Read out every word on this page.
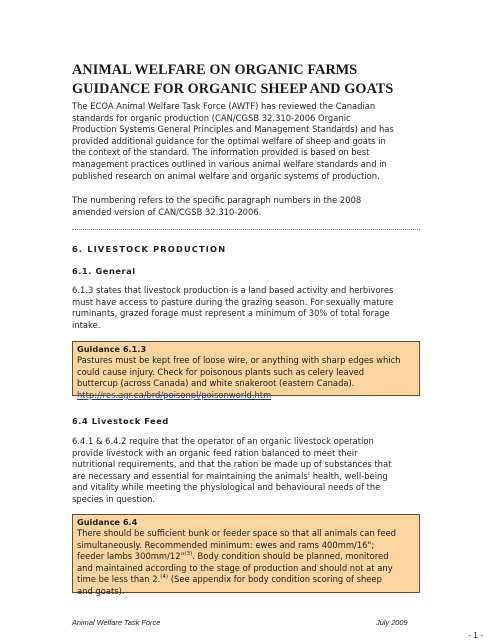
ANIMAL WELFARE ON ORGANIC FARMS
GUIDANCE FOR ORGANIC SHEEP AND GOATS
The ECOA Animal Welfare Task Force (AWTF) has reviewed the Canadian
standards for organic production (CAN/CGSB 32.310-2006 Organic
Production Systems General Principles and Management Standards) and has
provided additional guidance for the optimal welfare of sheep and goats in
the context of the standard. The information provided is based on best
management practices outlined in various animal welfare standards and in
published research on animal welfare and organic systems of production.
The numbering refers to the specific paragraph numbers in the 2008
amended version of CAN/CGSB 32.310-2006.
6. LIVESTOCK PRODUCTION
6.1. General
6.1.3 states that livestock production is a land based activity and herbivores
must have access to pasture during the grazing season. For sexually mature
ruminants, grazed forage must represent a minimum of 30% of total forage
intake.
Guidance 6.1.3
Pastures must be kept free of loose wire, or anything with sharp edges which
could cause injury. Check for poisonous plants such as celery leaved
buttercup (across Canada) and white snakeroot (eastern Canada).
http://res.agr.ca/brd/poisonpl/poisonworld.htm
6.4 Livestock Feed
6.4.1 & 6.4.2 require that the operator of an organic livestock operation
provide livestock with an organic feed ration balanced to meet their
nutritional requirements, and that the ration be made up of substances that
are necessary and essential for maintaining the animals' health, well-being
and vitality while meeting the physiological and behavioural needs of the
species in question.
Guidance 6.4
There should be sufficient bunk or feeder space so that all animals can feed
simultaneously. Recommended minimum: ewes and rams 400mm/16";
feeder lambs 300mm/12"$^{(3)}$. Body condition should be planned, monitored
and maintained according to the stage of production and should not at any
time be less than 2.$^{(4)}$ (See appendix for body condition scoring of sheep
and goats).
Animal Welfare Task Force	July 2009
- 1 -
